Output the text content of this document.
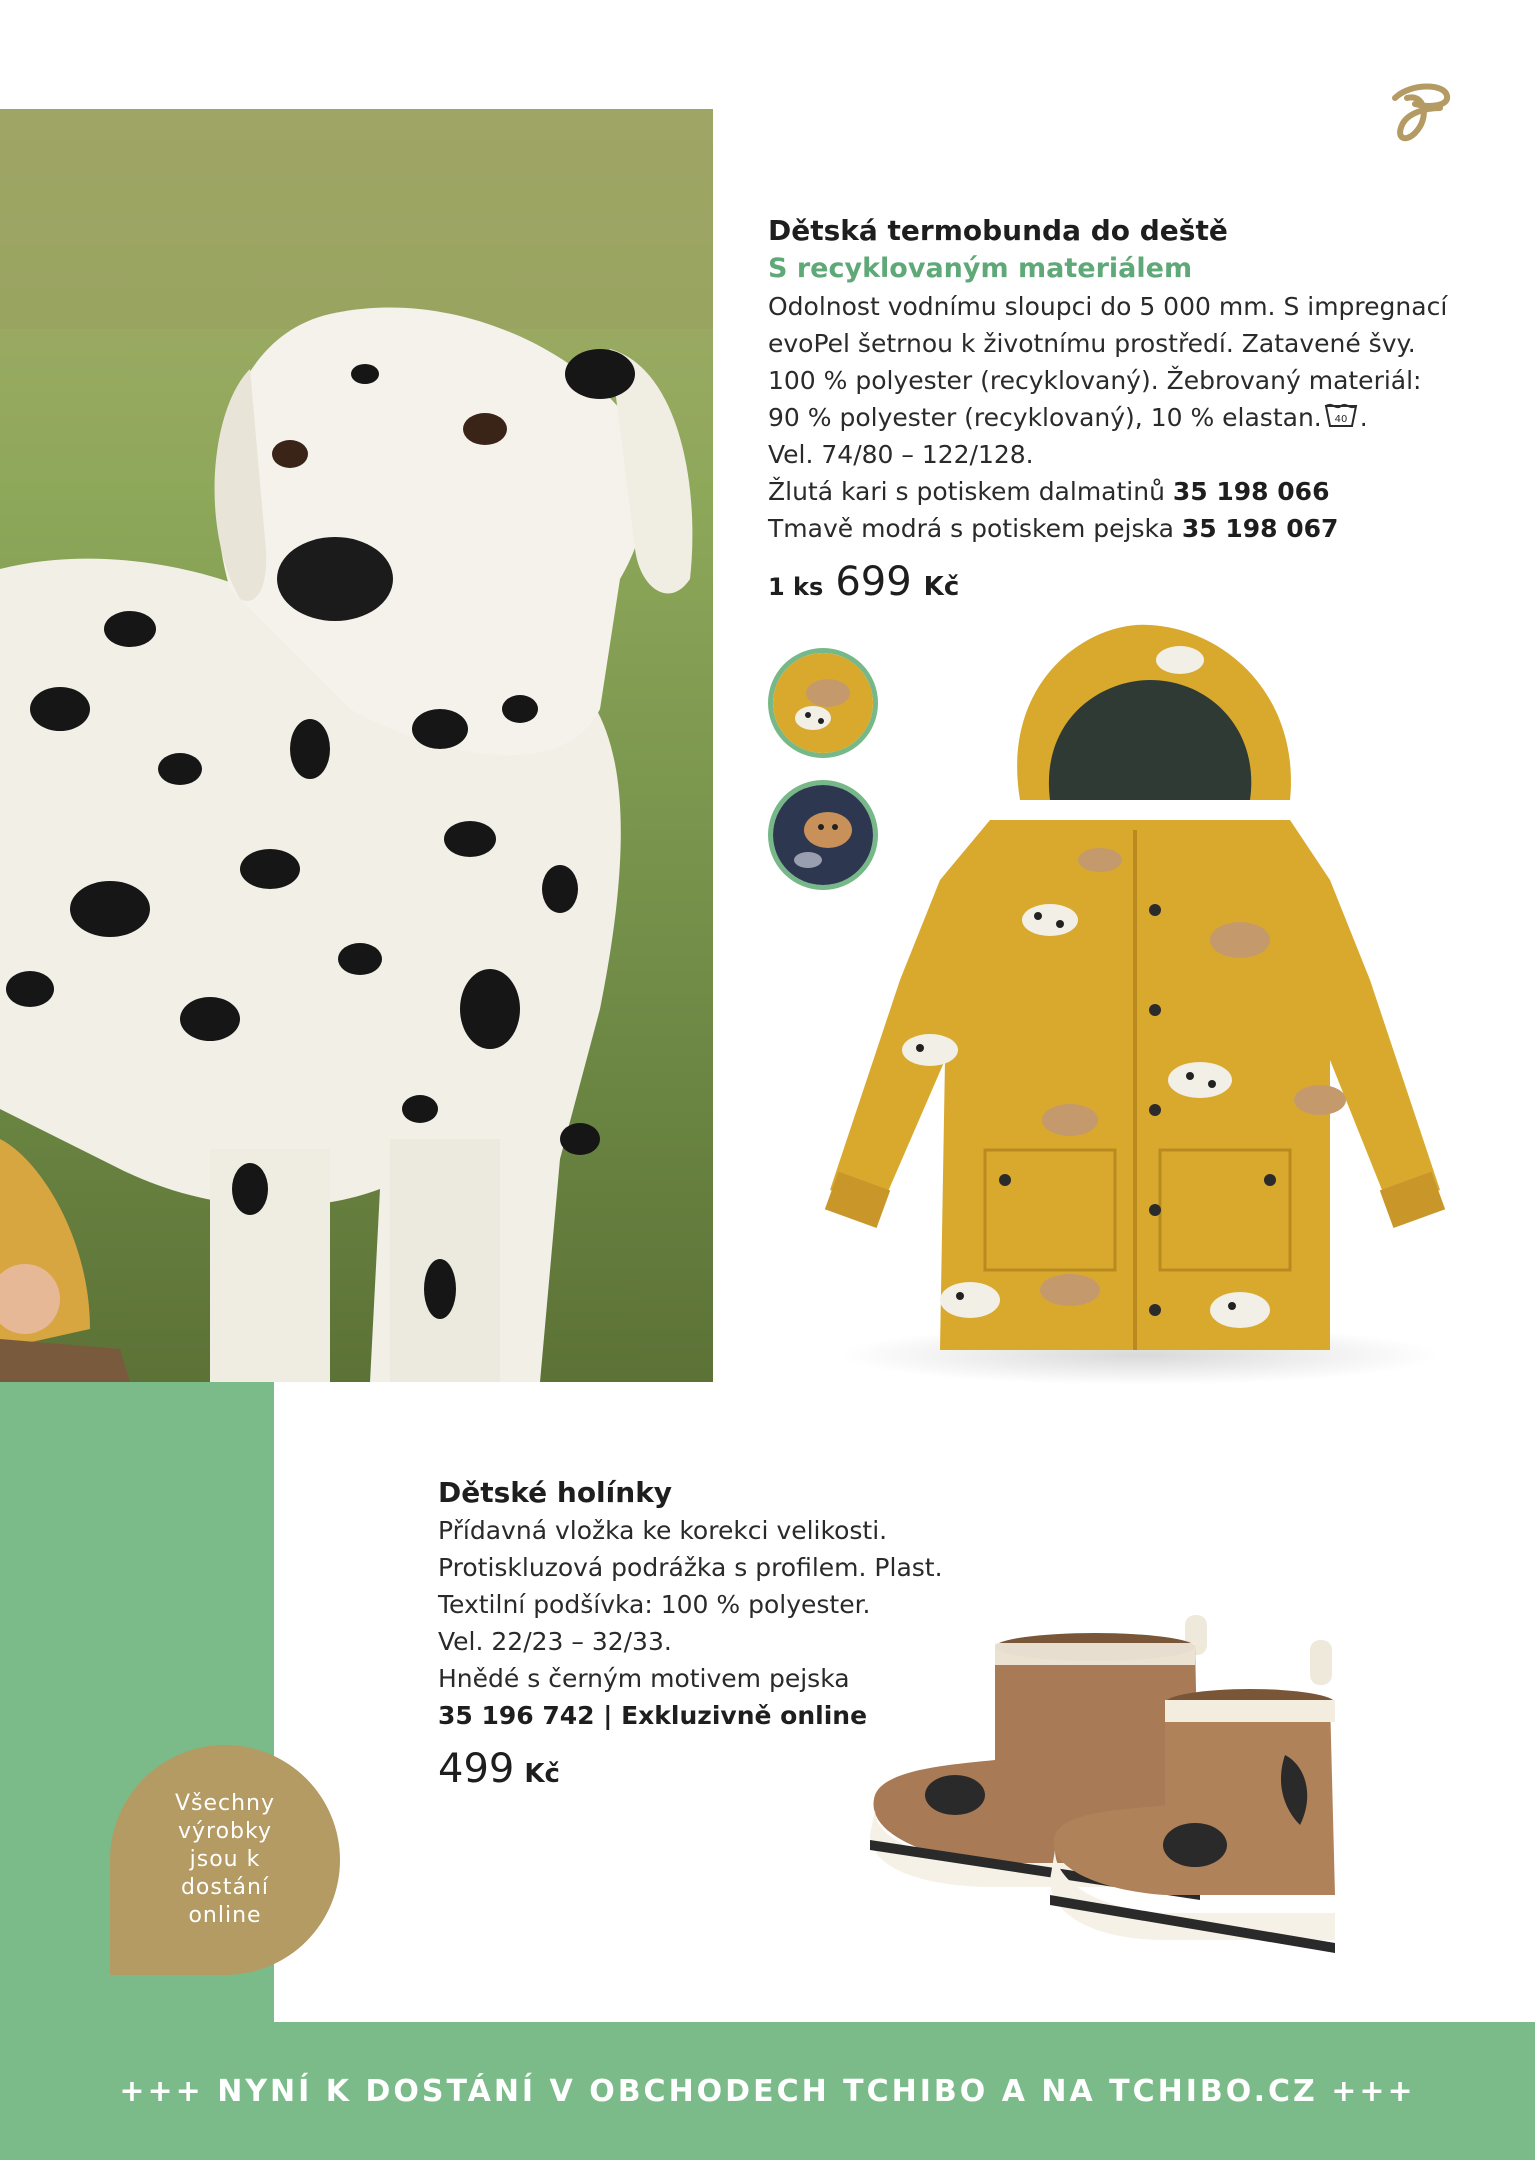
Dětská termobunda do deště

S recyklovaným materiálem

Odolnost vodnímu sloupci do 5 000 mm. S impregnací

evoPel šetrnou k životnímu prostředí. Zatavené švy.

100 % polyester (recyklovaný). Žebrovaný materiál:

90 % polyester (recyklovaný), 10 % elastan. 40 .

Vel. 74/80 – 122/128.

Žlutá kari s potiskem dalmatinů 35 198 066

Tmavě modrá s potiskem pejska 35 198 067

1 ks 699 Kč

Dětské holínky

Přídavná vložka ke korekci velikosti.

Protiskluzová podrážka s profilem. Plast.

Textilní podšívka: 100 % polyester.

Vel. 22/23 – 32/33.

Hnědé s černým motivem pejska

35 196 742 | Exkluzivně online

499 Kč
Všechny výrobky jsou k dostání online
+++ NYNÍ K DOSTÁNÍ V OBCHODECH TCHIBO A NA TCHIBO.CZ +++
